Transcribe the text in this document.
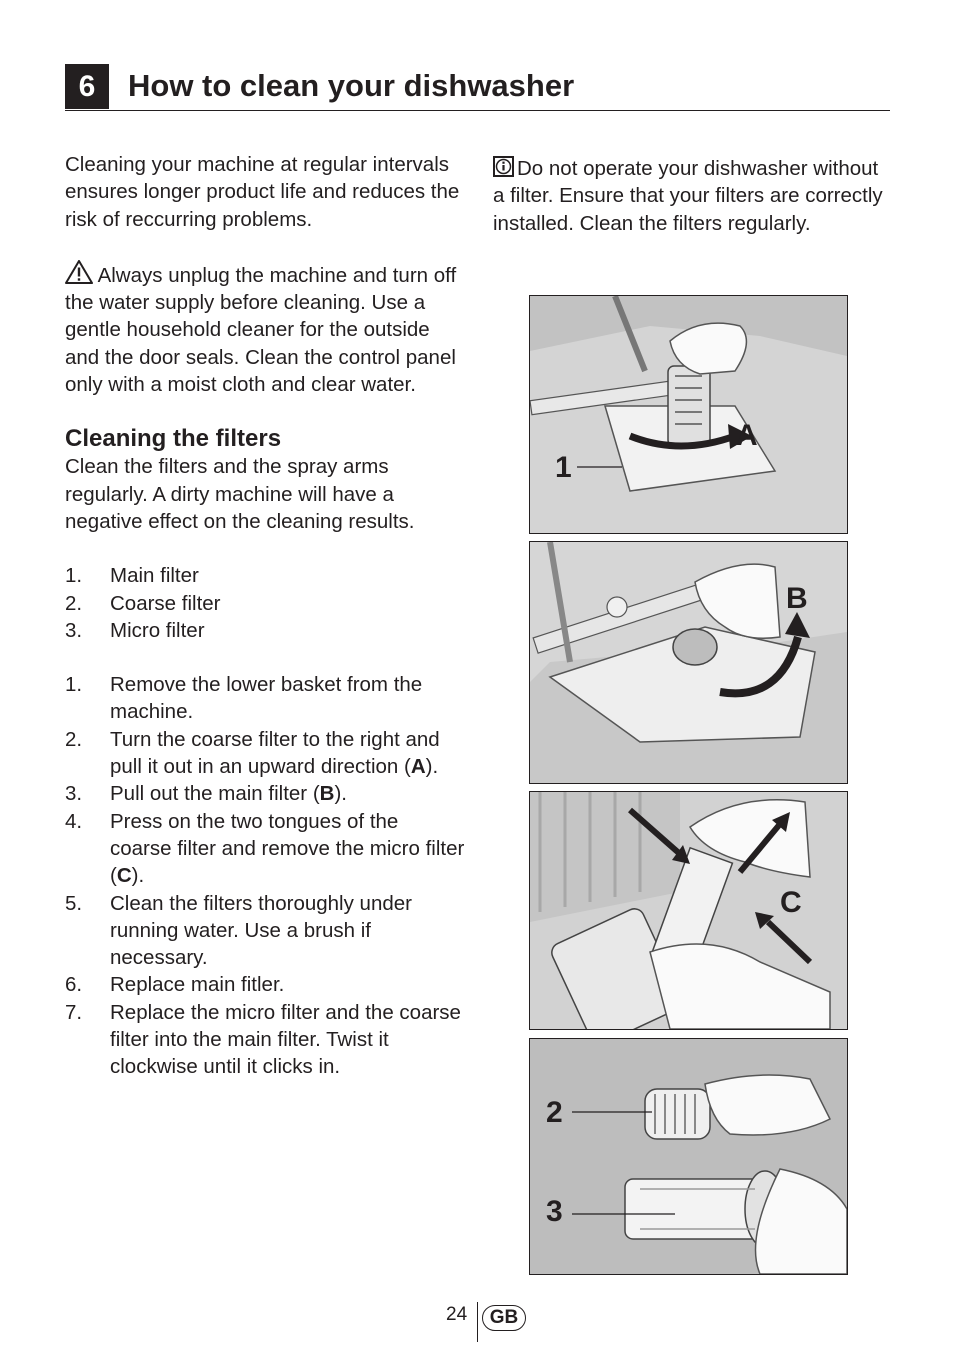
6	How to clean your dishwasher

Cleaning your machine at regular intervals ensures longer product life and reduces the risk of reccurring problems.

Always unplug the machine and turn off the water supply before cleaning. Use a gentle household cleaner for the outside and the door seals. Clean the control panel only with a moist cloth and clear water.

Cleaning the filters

Clean the filters and the spray arms regularly. A dirty machine will have a negative effect on the cleaning results.

1. Main filter
2. Coarse filter
3. Micro filter
1. Remove the lower basket from the machine.
2. Turn the coarse filter to the right and pull it out in an upward direction (A).
3. Pull out the main filter (B).
4. Press on the two tongues of the coarse filter and remove the micro filter (C).
5. Clean the filters thoroughly under running water. Use a brush if necessary.
6. Replace main fitler.
7. Replace the micro filter and the coarse filter into the main filter. Twist it clockwise until it clicks in.

Do not operate your dishwasher without a filter. Ensure that your filters are correctly installed. Clean the filters regularly.

A
1
B
C
2
3
24	GB
